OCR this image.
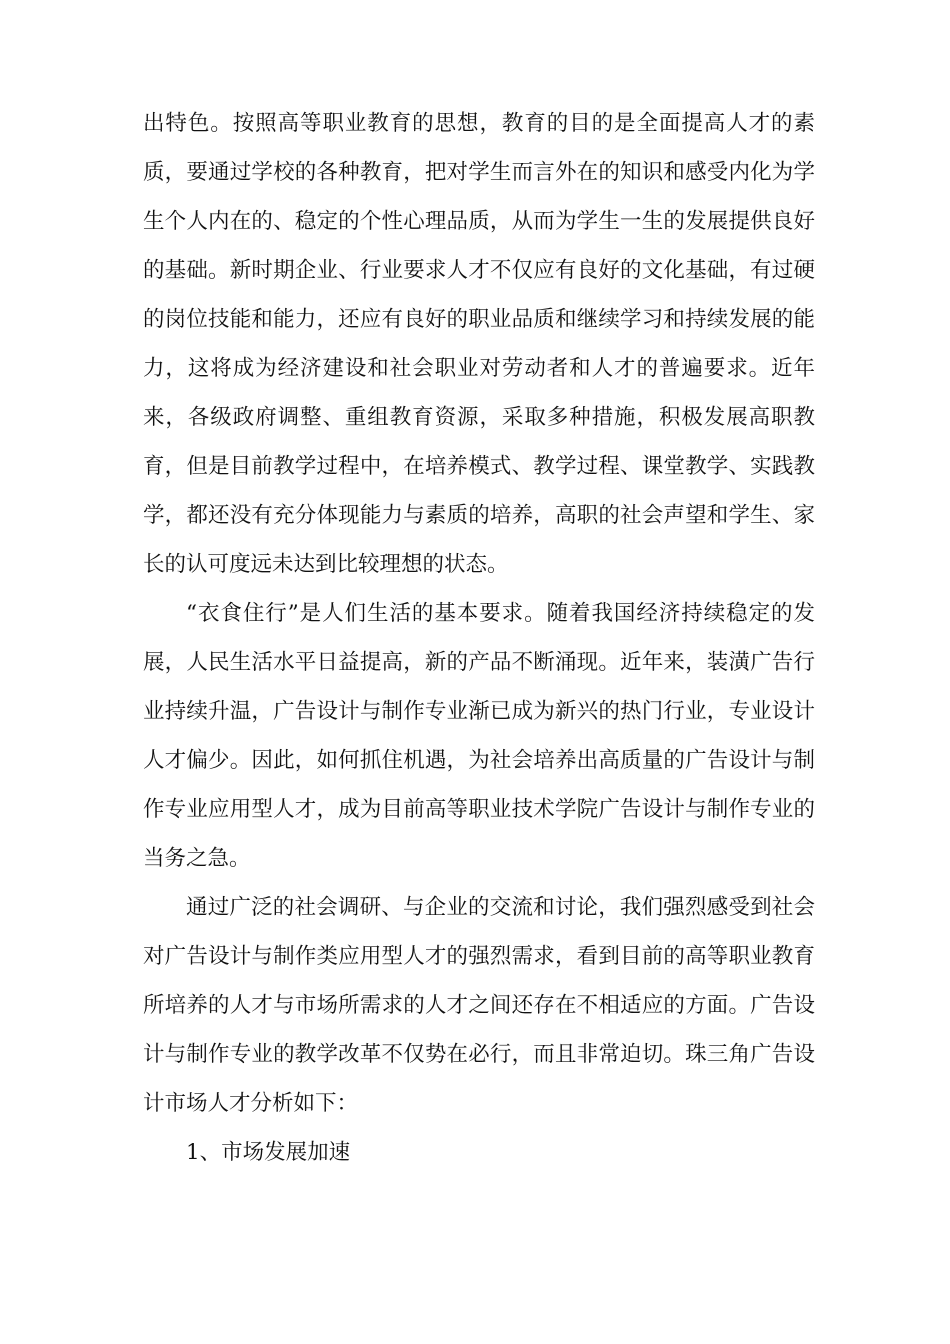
出特色。按照高等职业教育的思想，教育的目的是全面提高人才的素质，要通过学校的各种教育，把对学生而言外在的知识和感受内化为学生个人内在的、稳定的个性心理品质，从而为学生一生的发展提供良好的基础。新时期企业、行业要求人才不仅应有良好的文化基础，有过硬的岗位技能和能力，还应有良好的职业品质和继续学习和持续发展的能力，这将成为经济建设和社会职业对劳动者和人才的普遍要求。近年来，各级政府调整、重组教育资源，采取多种措施，积极发展高职教育，但是目前教学过程中，在培养模式、教学过程、课堂教学、实践教学，都还没有充分体现能力与素质的培养，高职的社会声望和学生、家长的认可度远未达到比较理想的状态。

“衣食住行”是人们生活的基本要求。随着我国经济持续稳定的发展，人民生活水平日益提高，新的产品不断涌现。近年来，装潢广告行业持续升温，广告设计与制作专业渐已成为新兴的热门行业，专业设计人才偏少。因此，如何抓住机遇，为社会培养出高质量的广告设计与制作专业应用型人才，成为目前高等职业技术学院广告设计与制作专业的当务之急。

通过广泛的社会调研、与企业的交流和讨论，我们强烈感受到社会对广告设计与制作类应用型人才的强烈需求，看到目前的高等职业教育所培养的人才与市场所需求的人才之间还存在不相适应的方面。广告设计与制作专业的教学改革不仅势在必行，而且非常迫切。珠三角广告设计市场人才分析如下：

1、市场发展加速
